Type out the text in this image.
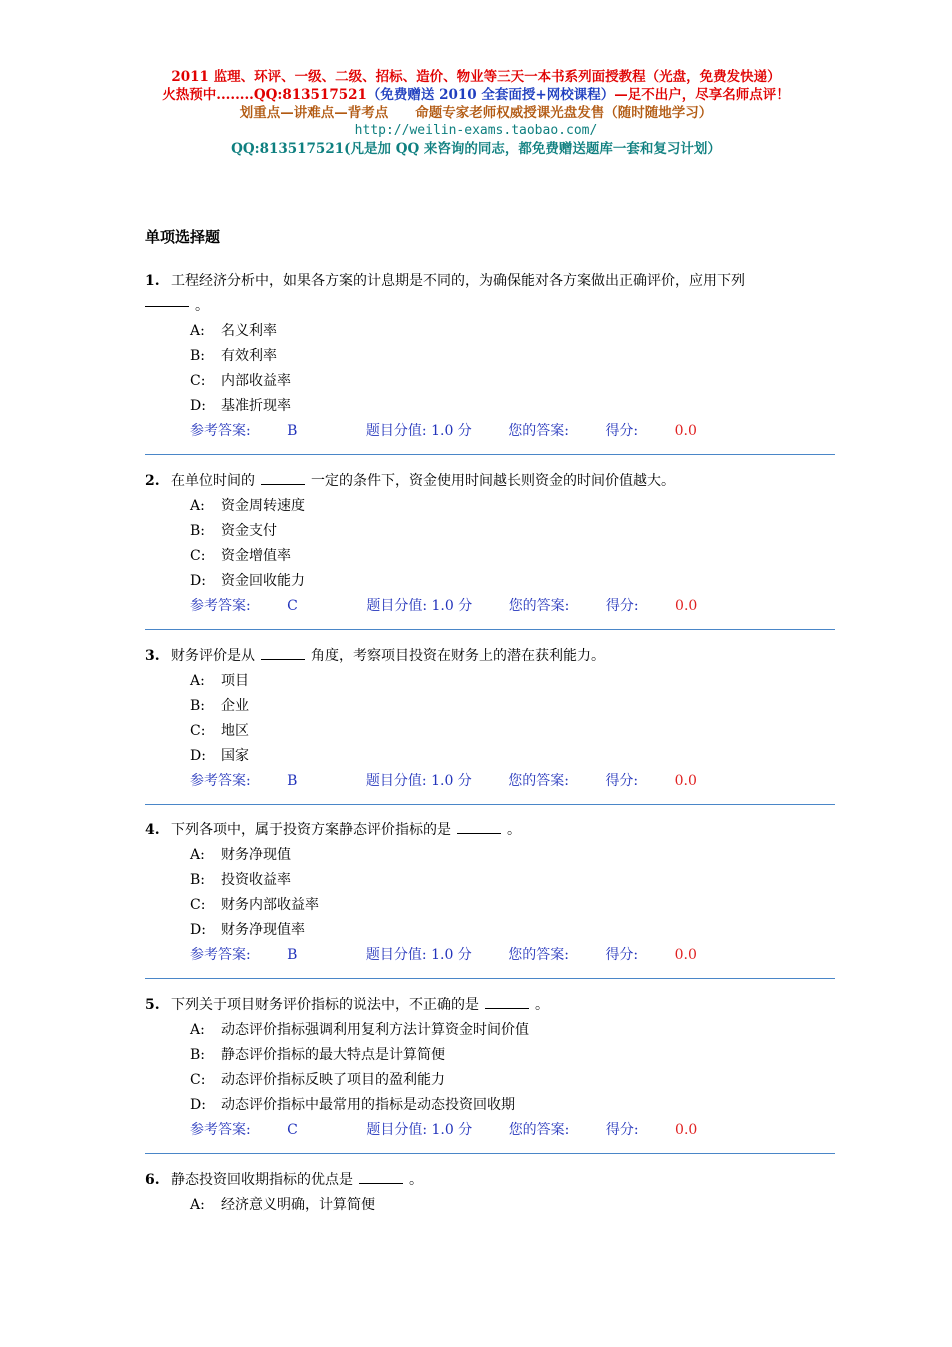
2011 监理、环评、一级、二级、招标、造价、物业等三天一本书系列面授教程（光盘，免费发快递）
火热预中........QQ:813517521（免费赠送 2010 全套面授+网校课程）—足不出户，尽享名师点评！
划重点—讲难点—背考点　　命题专家老师权威授课光盘发售（随时随地学习）
http://weilin-exams.taobao.com/
QQ:813517521(凡是加 QQ 来咨询的同志，都免费赠送题库一套和复习计划）
单项选择题
1. 工程经济分析中，如果各方案的计息期是不同的，为确保能对各方案做出正确评价，应用下列
。
A: 名义利率
B: 有效利率
C: 内部收益率
D: 基准折现率
参考答案:	B	题目分值: 1.0 分	您的答案:	得分:	0.0
2. 在单位时间的	一定的条件下，资金使用时间越长则资金的时间价值越大。
A: 资金周转速度
B: 资金支付
C: 资金增值率
D: 资金回收能力
参考答案:	C	题目分值: 1.0 分	您的答案:	得分:	0.0
3. 财务评价是从	角度，考察项目投资在财务上的潜在获利能力。
A: 项目
B: 企业
C: 地区
D: 国家
参考答案:	B	题目分值: 1.0 分	您的答案:	得分:	0.0
4. 下列各项中，属于投资方案静态评价指标的是	。
A: 财务净现值
B: 投资收益率
C: 财务内部收益率
D: 财务净现值率
参考答案:	B	题目分值: 1.0 分	您的答案:	得分:	0.0
5. 下列关于项目财务评价指标的说法中，不正确的是	。
A: 动态评价指标强调利用复利方法计算资金时间价值
B: 静态评价指标的最大特点是计算简便
C: 动态评价指标反映了项目的盈利能力
D: 动态评价指标中最常用的指标是动态投资回收期
参考答案:	C	题目分值: 1.0 分	您的答案:	得分:	0.0
6. 静态投资回收期指标的优点是	。
A: 经济意义明确，计算简便
